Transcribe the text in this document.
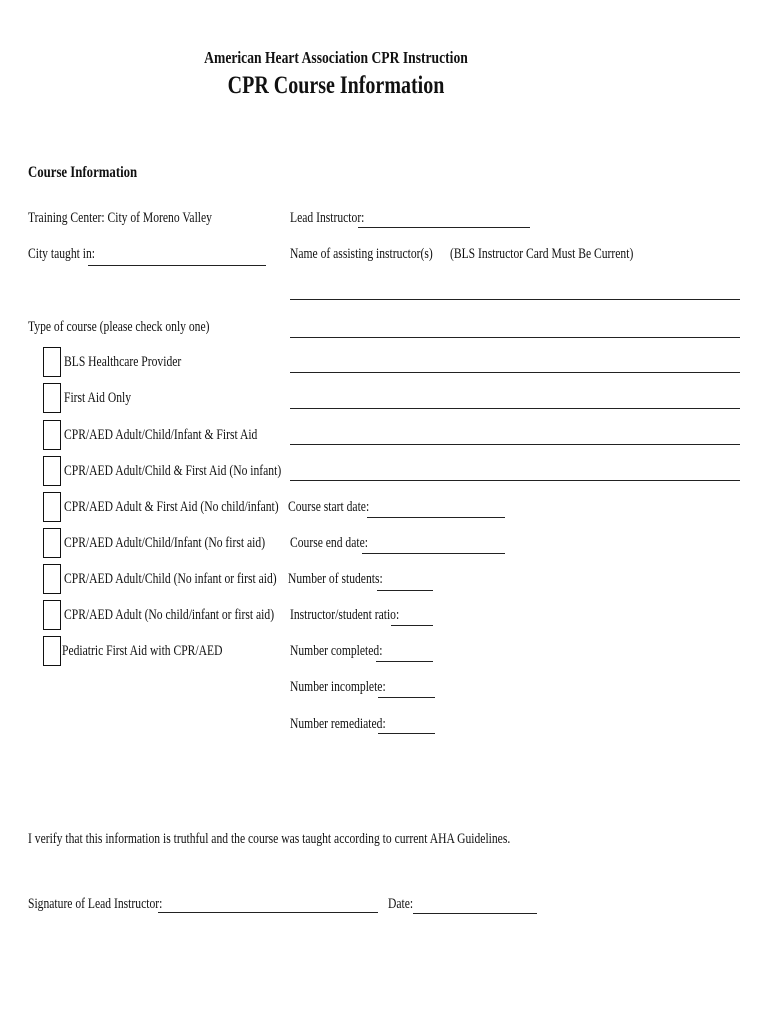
American Heart Association CPR Instruction
CPR Course Information
Course Information
Training Center: City of Moreno Valley	Lead Instructor:
City taught in:	Name of assisting instructor(s) (BLS Instructor Card Must Be Current)
Type of course (please check only one)
BLS Healthcare Provider
First Aid Only
CPR/AED Adult/Child/Infant & First Aid
CPR/AED Adult/Child & First Aid (No infant)
CPR/AED Adult & First Aid (No child/infant)
CPR/AED Adult/Child/Infant (No first aid)
CPR/AED Adult/Child (No infant or first aid)
CPR/AED Adult (No child/infant or first aid)
Pediatric First Aid with CPR/AED
Course start date:
Course end date:
Number of students:
Instructor/student ratio:
Number completed:
Number incomplete:
Number remediated:
I verify that this information is truthful and the course was taught according to current AHA Guidelines.
Signature of Lead Instructor:	Date:
